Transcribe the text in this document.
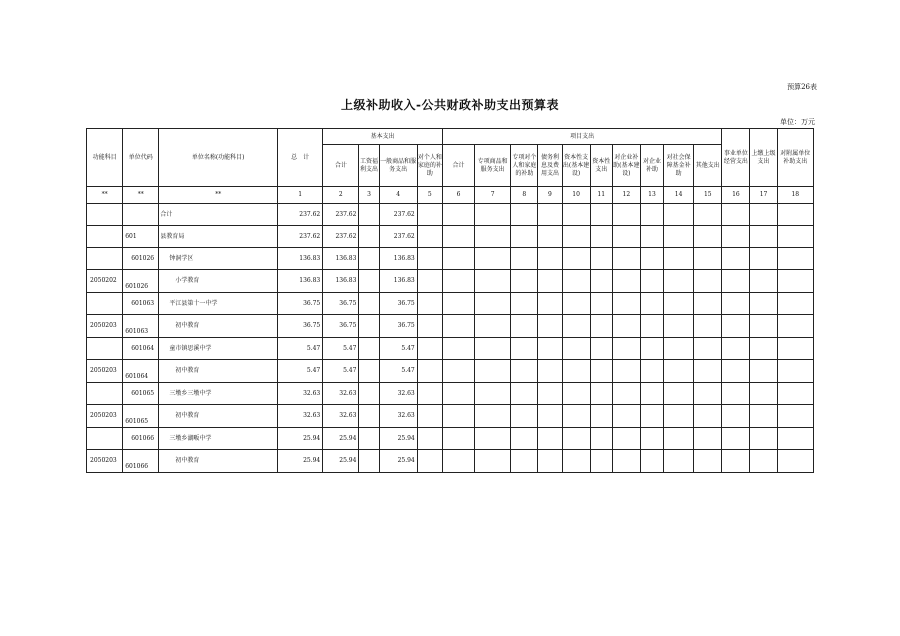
预算26表
上级补助收入-公共财政补助支出预算表
单位：万元
功能科目	单位代码	单位名称(功能科目)	总　计	基本支出				项目支出										事业单位经营支出	上缴上级支出	对附属单位补助支出
				合计	工资福利支出	一般商品和服务支出	对个人和家庭的补助	合计	专项商品和服务支出	专项对个人和家庭的补助	债务利息及费用支出	资本性支出(基本建设)	资本性支出	对企业补助(基本建设)	对企业补助	对社会保障基金补助	其他支出			
**	**	**	1	2	3	4	5	6	7	8	9	10	11	12	13	14	15	16	17	18
		合计	237.62	237.62		237.62														
	601	县教育局	237.62	237.62		237.62														
	601026	钟洞学区	136.83	136.83		136.83														
2050202	601026	小学教育	136.83	136.83		136.83														
	601063	平江县第十一中学	36.75	36.75		36.75														
2050203	601063	初中教育	36.75	36.75		36.75														
	601064	童市镇思溪中学	5.47	5.47		5.47														
2050203	601064	初中教育	5.47	5.47		5.47														
	601065	三墩乡三墩中学	32.63	32.63		32.63														
2050203	601065	初中教育	32.63	32.63		32.63														
	601066	三墩乡湖畈中学	25.94	25.94		25.94														
2050203	601066	初中教育	25.94	25.94		25.94														
